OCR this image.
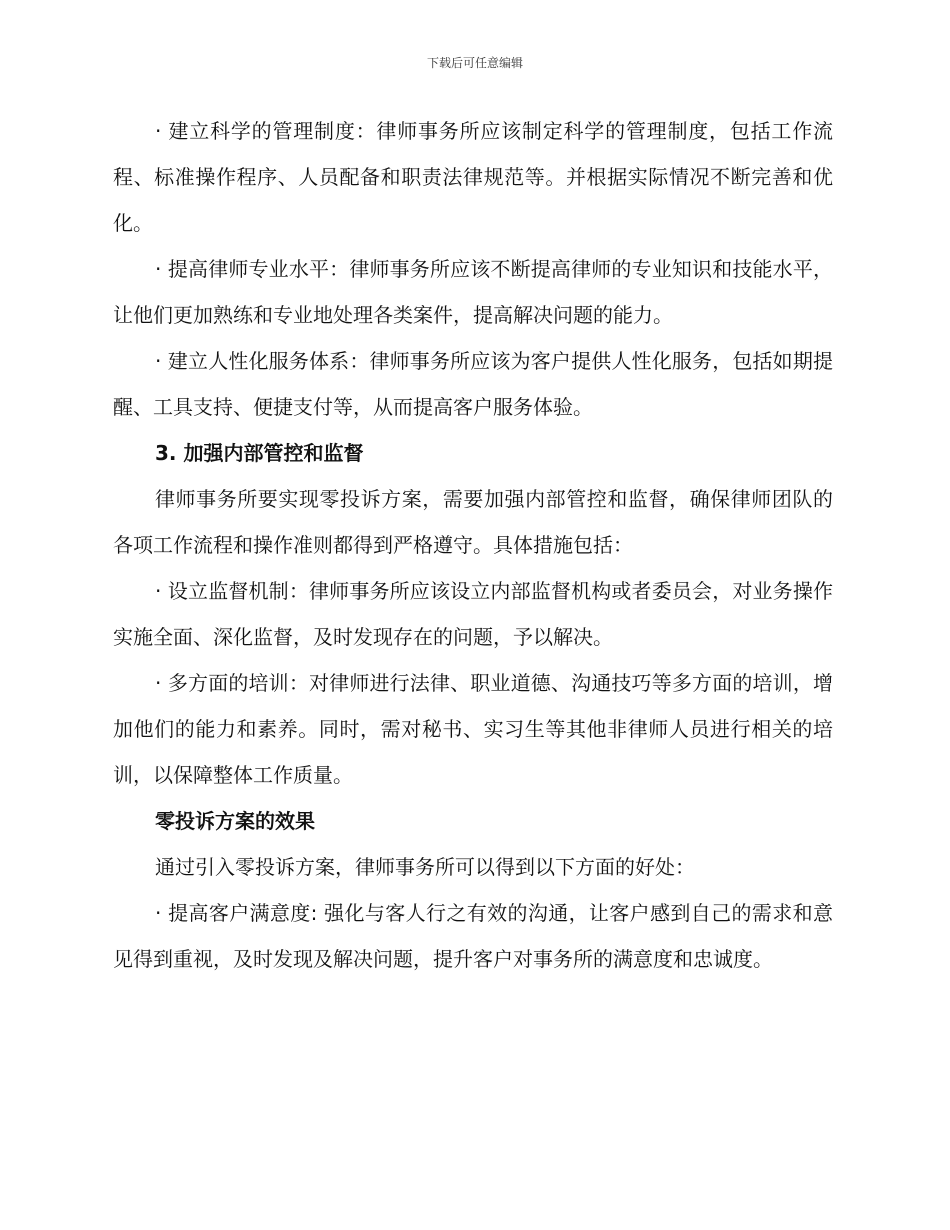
下载后可任意编辑

· 建立科学的管理制度：律师事务所应该制定科学的管理制度，包括工作流程、标准操作程序、人员配备和职责法律规范等。并根据实际情况不断完善和优化。

· 提高律师专业水平：律师事务所应该不断提高律师的专业知识和技能水平，让他们更加熟练和专业地处理各类案件，提高解决问题的能力。

· 建立人性化服务体系：律师事务所应该为客户提供人性化服务，包括如期提醒、工具支持、便捷支付等，从而提高客户服务体验。

3. 加强内部管控和监督

律师事务所要实现零投诉方案，需要加强内部管控和监督，确保律师团队的各项工作流程和操作准则都得到严格遵守。具体措施包括：

· 设立监督机制：律师事务所应该设立内部监督机构或者委员会，对业务操作实施全面、深化监督，及时发现存在的问题，予以解决。

· 多方面的培训：对律师进行法律、职业道德、沟通技巧等多方面的培训，增加他们的能力和素养。同时，需对秘书、实习生等其他非律师人员进行相关的培训，以保障整体工作质量。

零投诉方案的效果

通过引入零投诉方案，律师事务所可以得到以下方面的好处：

· 提高客户满意度: 强化与客人行之有效的沟通，让客户感到自己的需求和意见得到重视，及时发现及解决问题，提升客户对事务所的满意度和忠诚度。
